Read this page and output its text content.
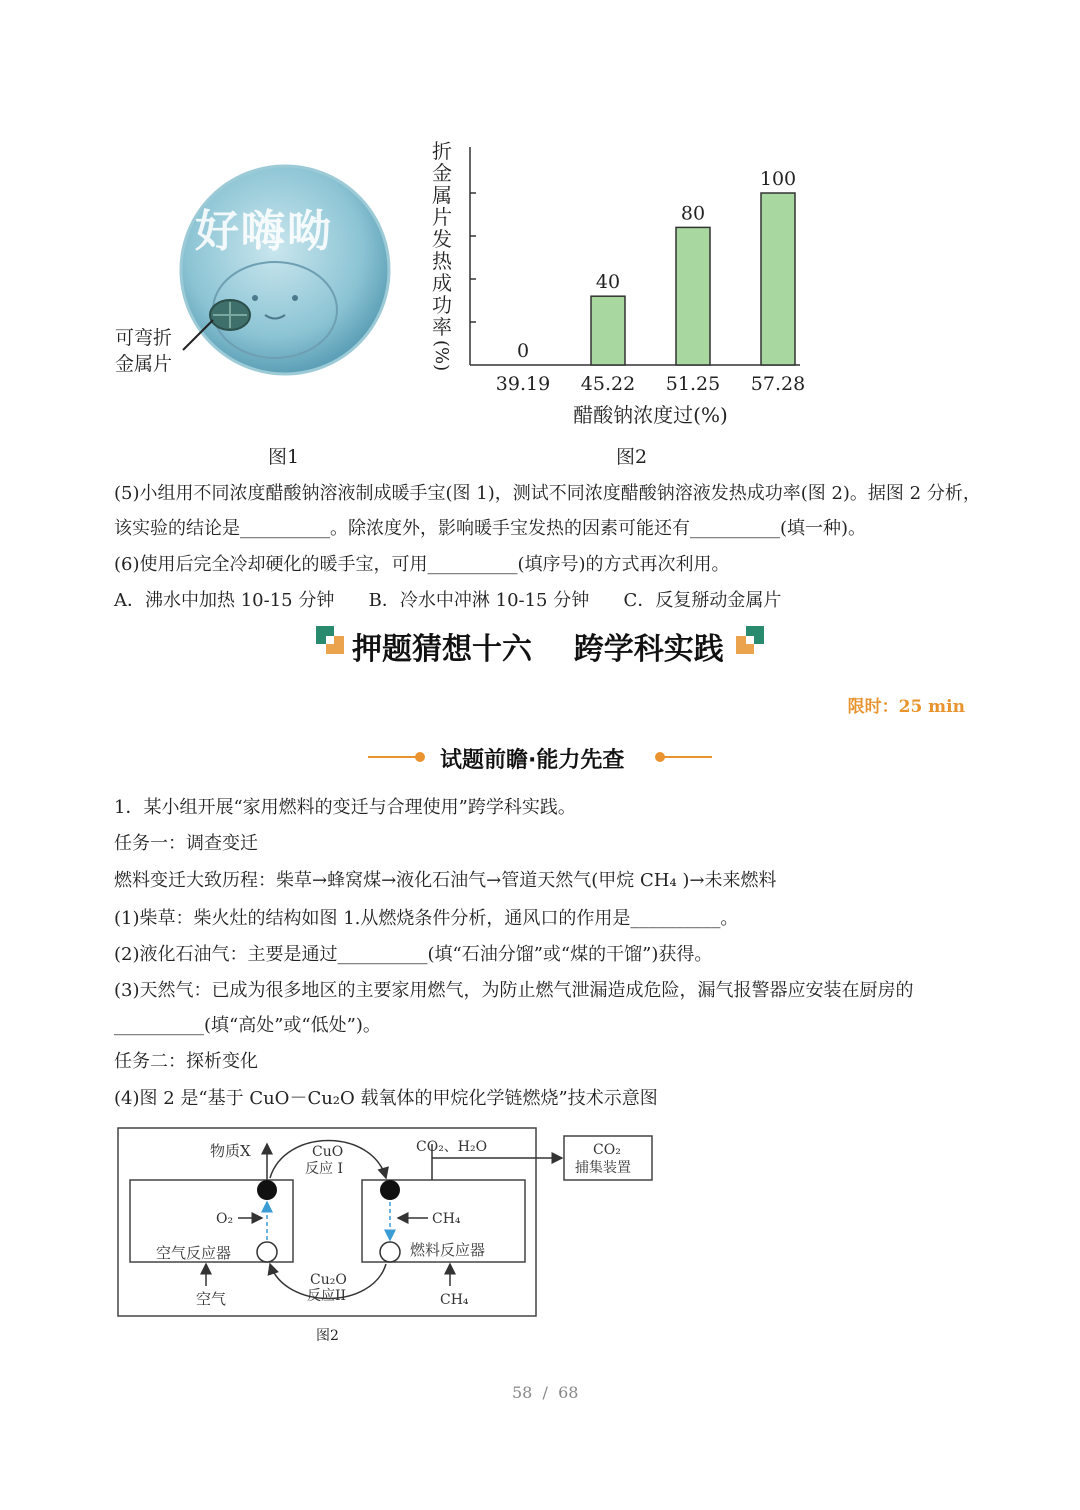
好嗨呦
可弯折
金属片
图1
折
金
属
片
发
热
成
功
率
(%)	0
39.19
40
45.22
80
51.25
100
57.28
醋酸钠浓度过(%)
图2
(5)小组用不同浓度醋酸钠溶液制成暖手宝(图 1)，测试不同浓度醋酸钠溶液发热成功率(图 2)。据图 2 分析，
该实验的结论是__________。除浓度外，影响暖手宝发热的因素可能还有__________(填一种)。
(6)使用后完全冷却硬化的暖手宝，可用__________(填序号)的方式再次利用。
A．沸水中加热 10-15 分钟      B．冷水中冲淋 10-15 分钟      C．反复掰动金属片
押题猜想十六    跨学科实践
限时：25 min
试题前瞻·能力先查
1．某小组开展“家用燃料的变迁与合理使用”跨学科实践。
任务一：调查变迁
燃料变迁大致历程：柴草→蜂窝煤→液化石油气→管道天然气(甲烷 CH₄ )→未来燃料
(1)柴草：柴火灶的结构如图 1.从燃烧条件分析，通风口的作用是__________。
(2)液化石油气：主要是通过__________(填“石油分馏”或“煤的干馏”)获得。
(3)天然气：已成为很多地区的主要家用燃气，为防止燃气泄漏造成危险，漏气报警器应安装在厨房的
__________(填“高处”或“低处”)。
任务二：探析变化
(4)图 2 是“基于 CuO－Cu₂O 载氧体的甲烷化学链燃烧”技术示意图
物质X	CuO
反应 I
CO₂、H₂O	CO₂
捕集装置
O₂	CH₄
空气反应器	燃料反应器
Cu₂O
反应II
空气	CH₄
图2
58  /  68
